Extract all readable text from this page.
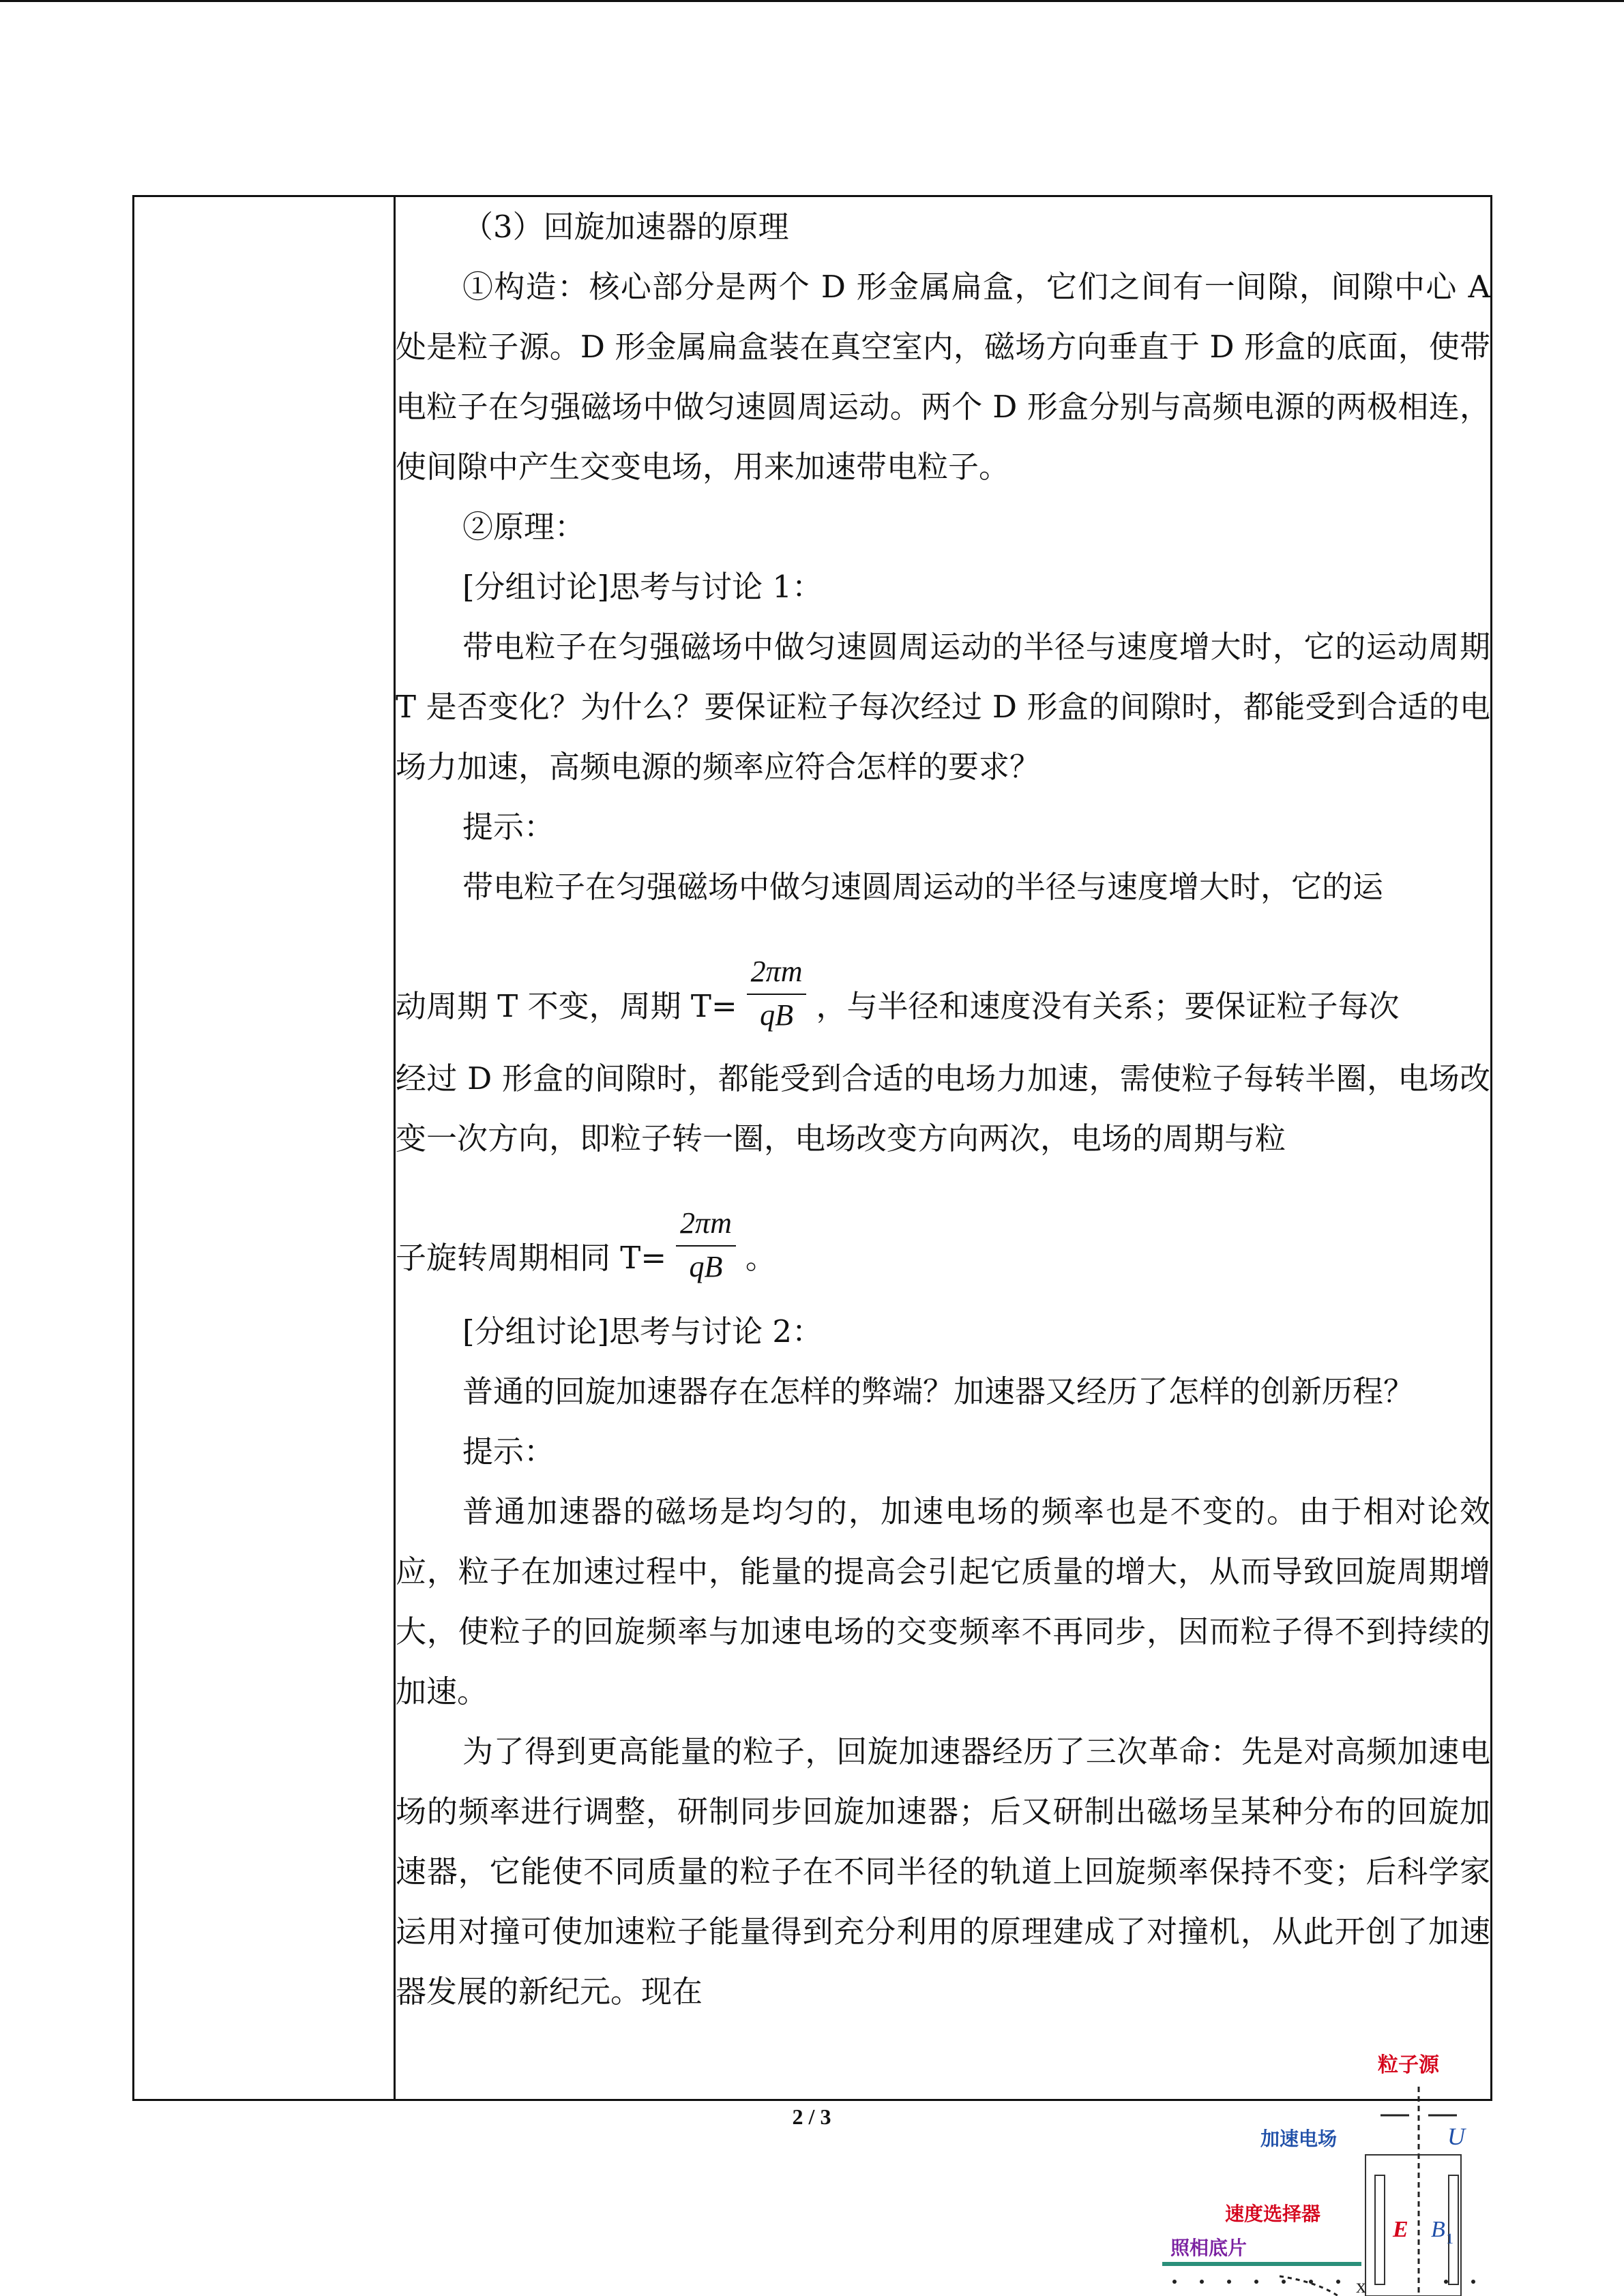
（3）回旋加速器的原理

①构造：核心部分是两个 D 形金属扁盒，它们之间有一间隙，间隙中心 A 处是粒子源。D 形金属扁盒装在真空室内，磁场方向垂直于 D 形盒的底面，使带电粒子在匀强磁场中做匀速圆周运动。两个 D 形盒分别与高频电源的两极相连，使间隙中产生交变电场，用来加速带电粒子。

②原理：

[分组讨论]思考与讨论 1：

带电粒子在匀强磁场中做匀速圆周运动的半径与速度增大时，它的运动周期 T 是否变化？为什么？要保证粒子每次经过 D 形盒的间隙时，都能受到合适的电场力加速，高频电源的频率应符合怎样的要求？

提示：

带电粒子在匀强磁场中做匀速圆周运动的半径与速度增大时，它的运

动周期 T 不变，周期 $T= \frac{2\pi m}{qB}$ ，与半径和速度没有关系；要保证粒子每次

经过 D 形盒的间隙时，都能受到合适的电场力加速，需使粒子每转半圈，电场改变一次方向，即粒子转一圈，电场改变方向两次，电场的周期与粒

子旋转周期相同 $T= \frac{2\pi m}{qB}$ 。

[分组讨论]思考与讨论 2：

普通的回旋加速器存在怎样的弊端？加速器又经历了怎样的创新历程？

提示：

普通加速器的磁场是均匀的，加速电场的频率也是不变的。由于相对论效应，粒子在加速过程中，能量的提高会引起它质量的增大，从而导致回旋周期增大，使粒子的回旋频率与加速电场的交变频率不再同步，因而粒子得不到持续的加速。

为了得到更高能量的粒子，回旋加速器经历了三次革命：先是对高频加速电场的频率进行调整，研制同步回旋加速器；后又研制出磁场呈某种分布的回旋加速器，它能使不同质量的粒子在不同半径的轨道上回旋频率保持不变；后科学家运用对撞可使加速粒子能量得到充分利用的原理建成了对撞机，从此开创了加速器发展的新纪元。现在

2 / 3
粒子源
加速电场	U
E B 1
速度选择器
照相底片
x
